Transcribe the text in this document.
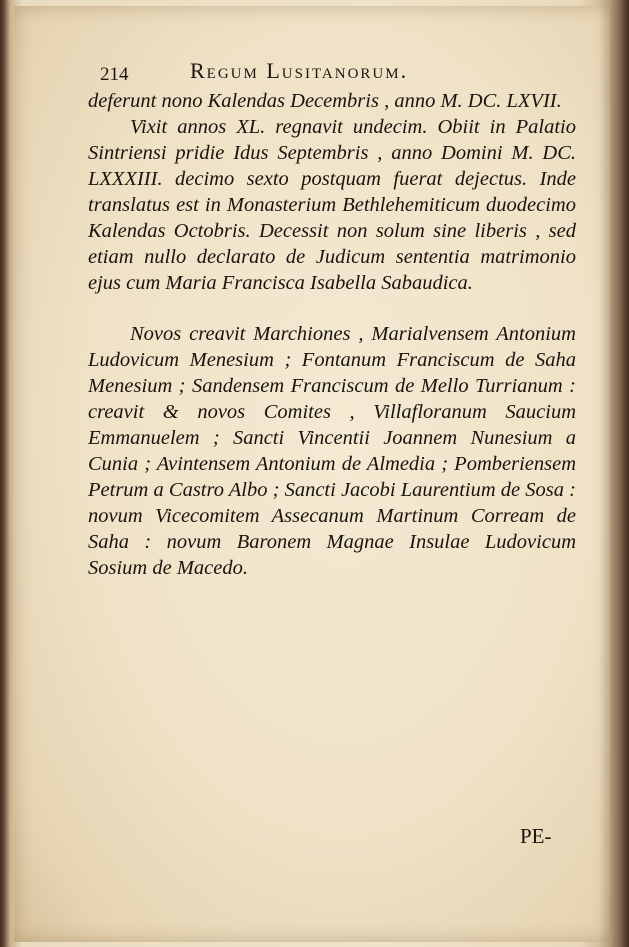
214	Regum Lusitanorum.

deferunt nono Kalendas Decembris , anno M. DC. LXVII.

Vixit annos XL. regnavit undecim. Obiit in Palatio Sintriensi pridie Idus Septembris , anno Domini M. DC. LXXXIII. decimo sexto postquam fuerat dejectus. Inde translatus est in Monasterium Bethlehemiticum duodecimo Kalendas Octobris. Decessit non solum sine liberis , sed etiam nullo declarato de Judicum sententia matrimonio ejus cum Maria Francisca Isabella Sabaudica.

Novos creavit Marchiones , Marialvensem Antonium Ludovicum Menesium ; Fontanum Franciscum de Saha Menesium ; Sandensem Franciscum de Mello Turrianum : creavit & novos Comites , Villafloranum Saucium Emmanuelem ; Sancti Vincentii Joannem Nunesium a Cunia ; Avintensem Antonium de Almedia ; Pomberiensem Petrum a Castro Albo ; Sancti Jacobi Laurentium de Sosa : novum Vicecomitem Assecanum Martinum Corream de Saha : novum Baronem Magnae Insulae Ludovicum Sosium de Macedo.

PE-
